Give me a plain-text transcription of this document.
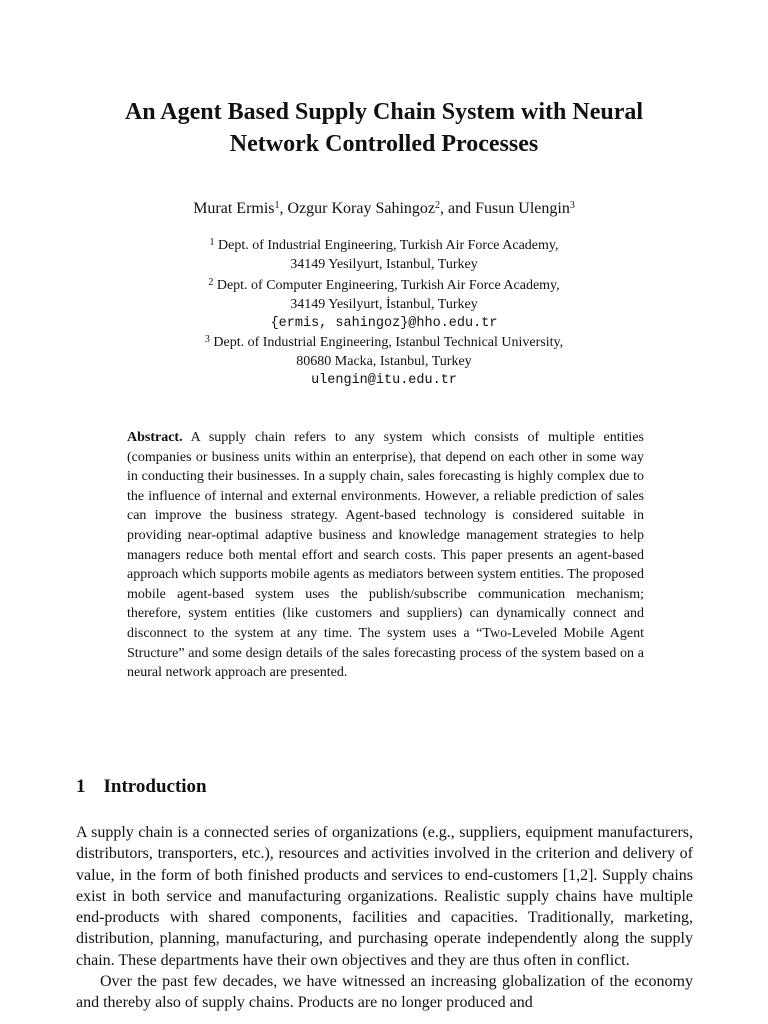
An Agent Based Supply Chain System with Neural
Network Controlled Processes
Murat Ermis$^1$, Ozgur Koray Sahingoz$^2$, and Fusun Ulengin$^3$
$^1$ Dept. of Industrial Engineering, Turkish Air Force Academy,
34149 Yesilyurt, Istanbul, Turkey
$^2$ Dept. of Computer Engineering, Turkish Air Force Academy,
34149 Yesilyurt, İstanbul, Turkey
{ermis, sahingoz}@hho.edu.tr
$^3$ Dept. of Industrial Engineering, Istanbul Technical University,
80680 Macka, Istanbul, Turkey
ulengin@itu.edu.tr

Abstract. A supply chain refers to any system which consists of multiple entities (companies or business units within an enterprise), that depend on each other in some way in conducting their businesses. In a supply chain, sales forecasting is highly complex due to the influence of internal and external environments. However, a reliable prediction of sales can improve the business strategy. Agent-based technology is considered suitable in providing near-optimal adaptive business and knowledge management strategies to help managers reduce both mental effort and search costs. This paper presents an agent-based approach which supports mobile agents as mediators between system entities. The proposed mobile agent-based system uses the publish/subscribe communication mechanism; therefore, system entities (like customers and suppliers) can dynamically connect and disconnect to the system at any time. The system uses a “Two-Leveled Mobile Agent Structure” and some design details of the sales forecasting process of the system based on a neural network approach are presented.

1 Introduction

A supply chain is a connected series of organizations (e.g., suppliers, equipment manufacturers, distributors, transporters, etc.), resources and activities involved in the criterion and delivery of value, in the form of both finished products and services to end-customers [1,2]. Supply chains exist in both service and manufacturing organizations. Realistic supply chains have multiple end-products with shared components, facilities and capacities. Traditionally, marketing, distribution, planning, manufacturing, and purchasing operate independently along the supply chain. These departments have their own objectives and they are thus often in conflict.

Over the past few decades, we have witnessed an increasing globalization of the economy and thereby also of supply chains. Products are no longer produced and
